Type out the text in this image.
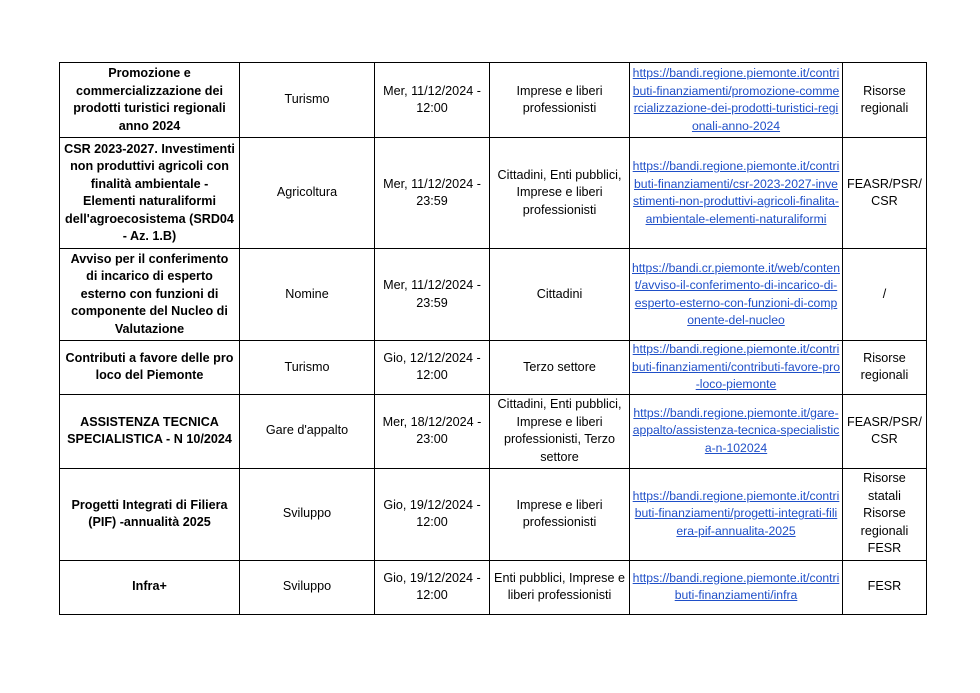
Promozione e commercializzazione dei prodotti turistici regionali anno 2024	Turismo	Mer, 11/12/2024 - 12:00	Imprese e liberi professionisti	https://bandi.regione.piemonte.it/contributi-finanziamenti/promozione-commercializzazione-dei-prodotti-turistici-regionali-anno-2024	Risorse regionali
CSR 2023-2027. Investimenti non produttivi agricoli con finalità ambientale - Elementi naturaliformi dell'agroecosistema (SRD04 - Az. 1.B)	Agricoltura	Mer, 11/12/2024 - 23:59	Cittadini, Enti pubblici, Imprese e liberi professionisti	https://bandi.regione.piemonte.it/contributi-finanziamenti/csr-2023-2027-investimenti-non-produttivi-agricoli-finalita-ambientale-elementi-naturaliformi	FEASR/PSR/ CSR
Avviso per il conferimento di incarico di esperto esterno con funzioni di componente del Nucleo di Valutazione	Nomine	Mer, 11/12/2024 - 23:59	Cittadini	https://bandi.cr.piemonte.it/web/content/avviso-il-conferimento-di-incarico-di-esperto-esterno-con-funzioni-di-componente-del-nucleo	/
Contributi a favore delle pro loco del Piemonte	Turismo	Gio, 12/12/2024 - 12:00	Terzo settore	https://bandi.regione.piemonte.it/contributi-finanziamenti/contributi-favore-pro-loco-piemonte	Risorse regionali
ASSISTENZA TECNICA SPECIALISTICA - N 10/2024	Gare d'appalto	Mer, 18/12/2024 - 23:00	Cittadini, Enti pubblici, Imprese e liberi professionisti, Terzo settore	https://bandi.regione.piemonte.it/gare-appalto/assistenza-tecnica-specialistica-n-102024	FEASR/PSR/ CSR
Progetti Integrati di Filiera (PIF) -annualità 2025	Sviluppo	Gio, 19/12/2024 - 12:00	Imprese e liberi professionisti	https://bandi.regione.piemonte.it/contributi-finanziamenti/progetti-integrati-filiera-pif-annualita-2025	Risorse statali Risorse regionali FESR
Infra+	Sviluppo	Gio, 19/12/2024 - 12:00	Enti pubblici, Imprese e liberi professionisti	https://bandi.regione.piemonte.it/contributi-finanziamenti/infra	FESR
